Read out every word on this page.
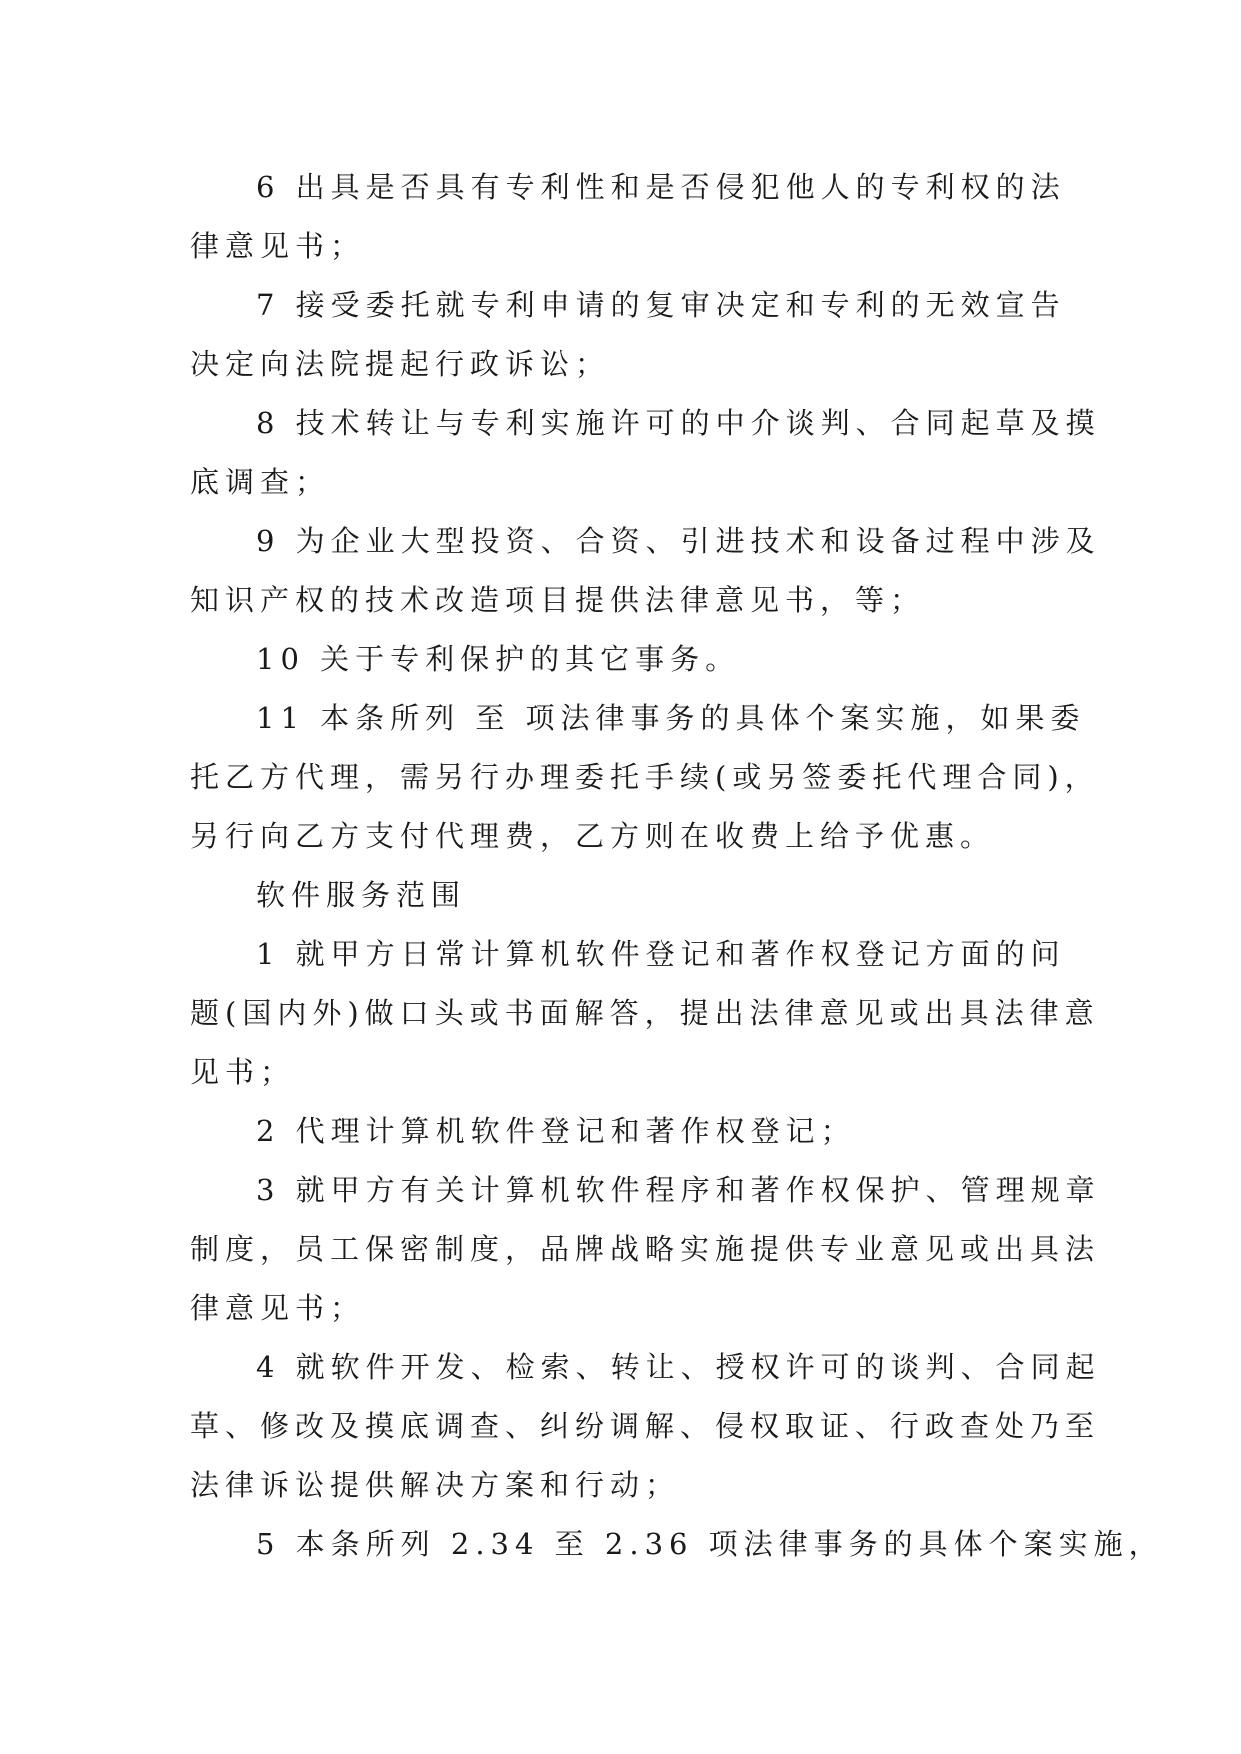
6 出具是否具有专利性和是否侵犯他人的专利权的法
律意见书；
7 接受委托就专利申请的复审决定和专利的无效宣告
决定向法院提起行政诉讼；
8 技术转让与专利实施许可的中介谈判、合同起草及摸
底调查；
9 为企业大型投资、合资、引进技术和设备过程中涉及
知识产权的技术改造项目提供法律意见书，等；
10 关于专利保护的其它事务。
11 本条所列 至 项法律事务的具体个案实施，如果委
托乙方代理，需另行办理委托手续(或另签委托代理合同)，
另行向乙方支付代理费，乙方则在收费上给予优惠。
软件服务范围
1 就甲方日常计算机软件登记和著作权登记方面的问
题(国内外)做口头或书面解答，提出法律意见或出具法律意
见书；
2 代理计算机软件登记和著作权登记；
3 就甲方有关计算机软件程序和著作权保护、管理规章
制度，员工保密制度，品牌战略实施提供专业意见或出具法
律意见书；
4 就软件开发、检索、转让、授权许可的谈判、合同起
草、修改及摸底调查、纠纷调解、侵权取证、行政查处乃至
法律诉讼提供解决方案和行动；
5 本条所列 2.34 至 2.36 项法律事务的具体个案实施，
